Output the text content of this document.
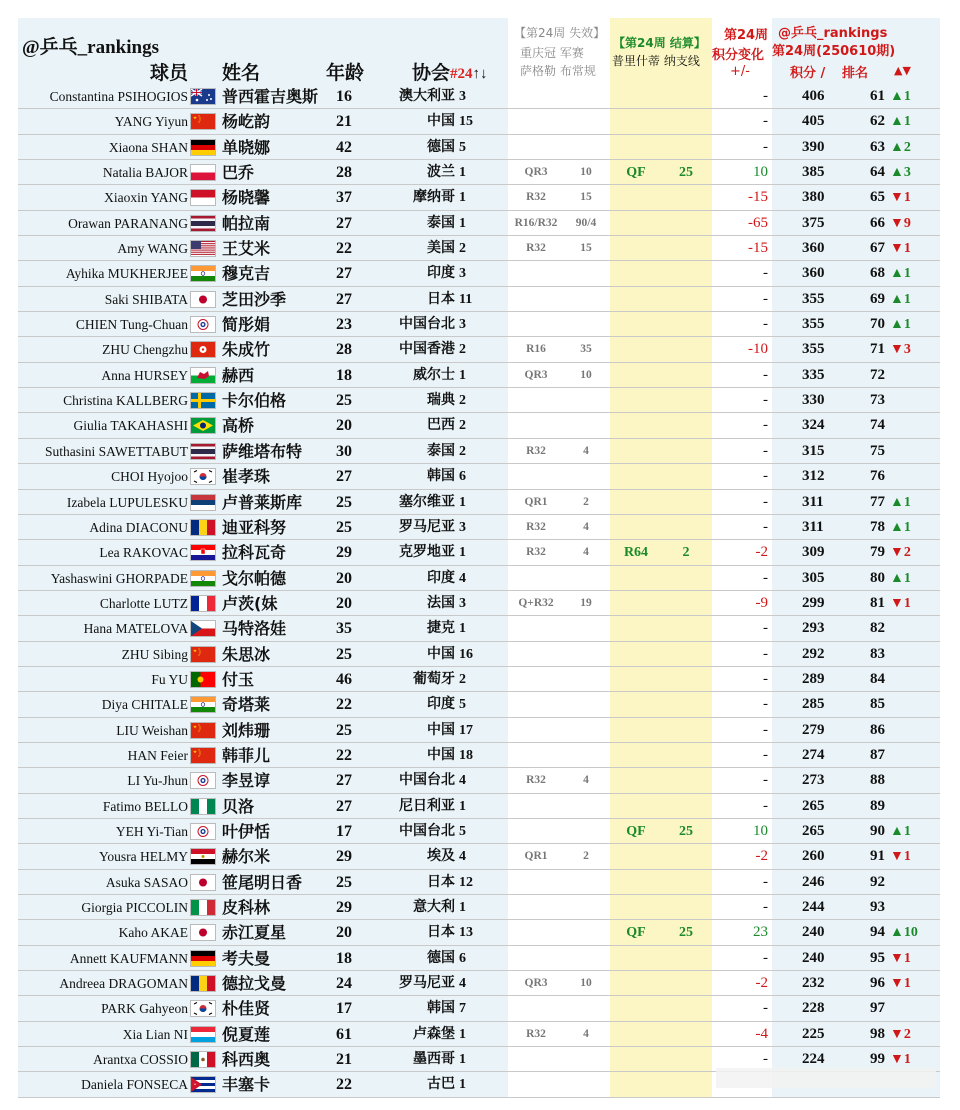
@乒乓_rankings
球员 姓名	年龄	协会 #24↑↓
【第24周 失效】
重庆冠 军赛
萨格勒 布常规
【第24周 结算】
普里什蒂 纳支线
第24周
积分变化
+/-
@乒乓_rankings
第24周(250610期)
积分 / 排名 ▲▼
Constantina PSIHOGIOS 普西霍吉奥斯 16	澳大利亚 3	- 406	61 ▲1
YANG Yiyun 杨屹韵	21	中国 15	- 405	62 ▲1
Xiaona SHAN 单晓娜	42	德国 5	- 390	63 ▲2
Natalia BAJOR 巴乔	28	波兰 1	QR3	10	QF	25	10 385	64 ▲3
Xiaoxin YANG 杨晓馨	37	摩纳哥 1	R32	15	-15 380	65 ▼1
Orawan PARANANG 帕拉南	27	泰国 1	R16/R32	90/4	-65 375	66 ▼9
Amy WANG 王艾米	22	美国 2	R32	15	-15 360	67 ▼1
Ayhika MUKHERJEE 穆克吉	27	印度 3	- 360	68 ▲1
Saki SHIBATA 芝田沙季	27	日本 11	- 355	69 ▲1
CHIEN Tung-Chuan 简彤娟	23	中国台北 3	- 355	70 ▲1
ZHU Chengzhu 朱成竹	28	中国香港 2	R16	35	-10 355	71 ▼3
Anna HURSEY 赫西	18	威尔士 1	QR3	10	- 335	72
Christina KALLBERG 卡尔伯格	25	瑞典 2	- 330	73
Giulia TAKAHASHI 高桥	20	巴西 2	- 324	74
Suthasini SAWETTABUT 萨维塔布特 30	泰国 2	R32	4	- 315	75
CHOI Hyojoo 崔孝珠	27	韩国 6	- 312	76
Izabela LUPULESKU 卢普莱斯库 25	塞尔维亚 1	QR1	2	- 311	77 ▲1
Adina DIACONU 迪亚科努	25	罗马尼亚 3	R32	4	- 311	78 ▲1
Lea RAKOVAC 拉科瓦奇	29	克罗地亚 1	R32	4	R64	2	-2 309	79 ▼2
Yashaswini GHORPADE 戈尔帕德	20	印度 4	- 305	80 ▲1
Charlotte LUTZ 卢茨(妹	20	法国 3	Q+R32	19	-9 299	81 ▼1
Hana MATELOVA 马特洛娃	35	捷克 1	- 293	82
ZHU Sibing 朱思冰	25	中国 16	- 292	83
Fu YU 付玉	46	葡萄牙 2	- 289	84
Diya CHITALE 奇塔莱	22	印度 5	- 285	85
LIU Weishan 刘炜珊	25	中国 17	- 279	86
HAN Feier 韩菲儿	22	中国 18	- 274	87
LI Yu-Jhun 李昱谆	27	中国台北 4	R32	4	- 273	88
Fatimo BELLO 贝洛	27	尼日利亚 1	- 265	89
YEH Yi-Tian 叶伊恬	17	中国台北 5	QF	25	10 265	90 ▲1
Yousra HELMY 赫尔米	29	埃及 4	QR1	2	-2 260	91 ▼1
Asuka SASAO 笹尾明日香 25	日本 12	- 246	92
Giorgia PICCOLIN 皮科林	29	意大利 1	- 244	93
Kaho AKAE 赤江夏星	20	日本 13	QF	25	23 240	94 ▲10
Annett KAUFMANN 考夫曼	18	德国 6	- 240	95 ▼1
Andreea DRAGOMAN 德拉戈曼	24	罗马尼亚 4	QR3	10	-2 232	96 ▼1
PARK Gahyeon 朴佳贤	17	韩国 7	- 228	97
Xia Lian NI 倪夏莲	61	卢森堡 1	R32	4	-4 225	98 ▼2
Arantxa COSSIO 科西奥	21	墨西哥 1	- 224	99 ▼1
Daniela FONSECA 丰塞卡	22	古巴 1
